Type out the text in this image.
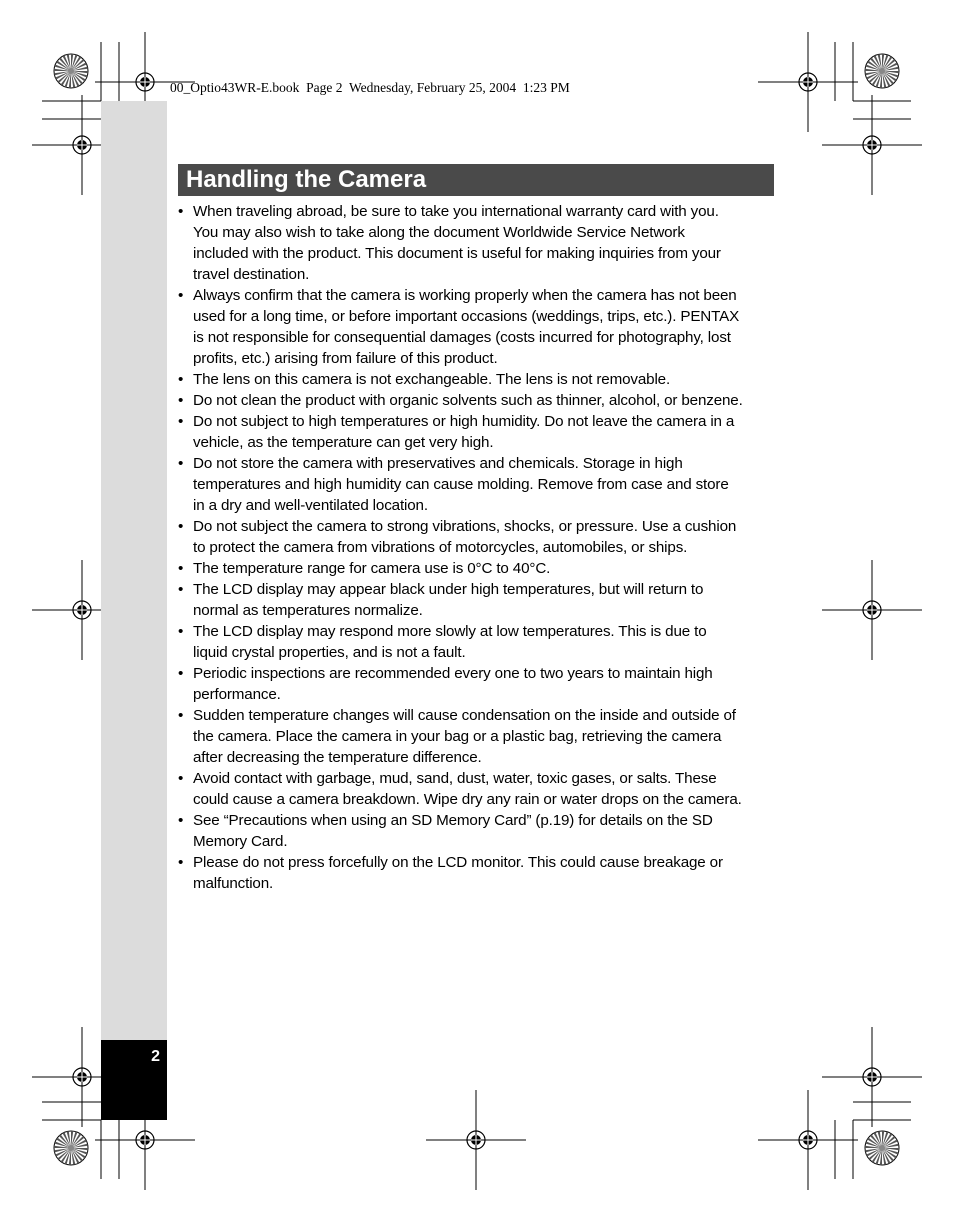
2
00_Optio43WR-E.book  Page 2  Wednesday, February 25, 2004  1:23 PM
Handling the Camera
• When traveling abroad, be sure to take you international warranty card with you.
You may also wish to take along the document Worldwide Service Network
included with the product. This document is useful for making inquiries from your
travel destination.
• Always confirm that the camera is working properly when the camera has not been
used for a long time, or before important occasions (weddings, trips, etc.). PENTAX
is not responsible for consequential damages (costs incurred for photography, lost
profits, etc.) arising from failure of this product.
• The lens on this camera is not exchangeable. The lens is not removable.
• Do not clean the product with organic solvents such as thinner, alcohol, or benzene.
• Do not subject to high temperatures or high humidity. Do not leave the camera in a
vehicle, as the temperature can get very high.
• Do not store the camera with preservatives and chemicals. Storage in high
temperatures and high humidity can cause molding. Remove from case and store
in a dry and well-ventilated location.
• Do not subject the camera to strong vibrations, shocks, or pressure. Use a cushion
to protect the camera from vibrations of motorcycles, automobiles, or ships.
• The temperature range for camera use is 0°C to 40°C.
• The LCD display may appear black under high temperatures, but will return to
normal as temperatures normalize.
• The LCD display may respond more slowly at low temperatures. This is due to
liquid crystal properties, and is not a fault.
• Periodic inspections are recommended every one to two years to maintain high
performance.
• Sudden temperature changes will cause condensation on the inside and outside of
the camera. Place the camera in your bag or a plastic bag, retrieving the camera
after decreasing the temperature difference.
• Avoid contact with garbage, mud, sand, dust, water, toxic gases, or salts. These
could cause a camera breakdown. Wipe dry any rain or water drops on the camera.
• See “Precautions when using an SD Memory Card” (p.19) for details on the SD
Memory Card.
• Please do not press forcefully on the LCD monitor. This could cause breakage or
malfunction.
